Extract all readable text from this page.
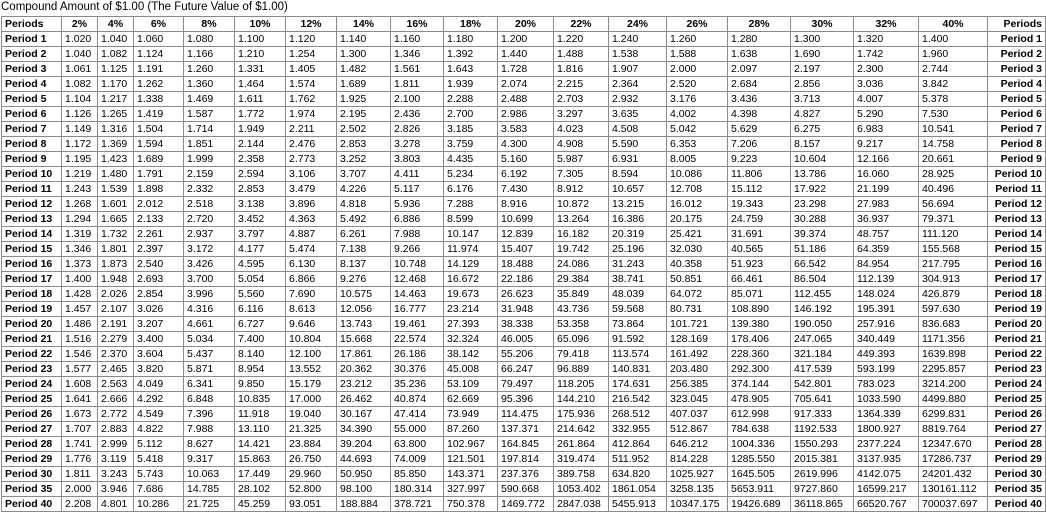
Compound Amount of $1.00 (The Future Value of $1.00)
Periods	2%	4%	6%	8%	10%	12%	14%	16%	18%	20%	22%	24%	26%	28%	30%	32%	40%	Periods
Period 1	1.020	1.040	1.060	1.080	1.100	1.120	1.140	1.160	1.180	1.200	1.220	1.240	1.260	1.280	1.300	1.320	1.400	Period 1
Period 2	1.040	1.082	1.124	1.166	1.210	1.254	1.300	1.346	1.392	1.440	1.488	1.538	1.588	1.638	1.690	1.742	1.960	Period 2
Period 3	1.061	1.125	1.191	1.260	1.331	1.405	1.482	1.561	1.643	1.728	1.816	1.907	2.000	2.097	2.197	2.300	2.744	Period 3
Period 4	1.082	1.170	1.262	1.360	1.464	1.574	1.689	1.811	1.939	2.074	2.215	2.364	2.520	2.684	2.856	3.036	3.842	Period 4
Period 5	1.104	1.217	1.338	1.469	1.611	1.762	1.925	2.100	2.288	2.488	2.703	2.932	3.176	3.436	3.713	4.007	5.378	Period 5
Period 6	1.126	1.265	1.419	1.587	1.772	1.974	2.195	2.436	2.700	2.986	3.297	3.635	4.002	4.398	4.827	5.290	7.530	Period 6
Period 7	1.149	1.316	1.504	1.714	1.949	2.211	2.502	2.826	3.185	3.583	4.023	4.508	5.042	5.629	6.275	6.983	10.541	Period 7
Period 8	1.172	1.369	1.594	1.851	2.144	2.476	2.853	3.278	3.759	4.300	4.908	5.590	6.353	7.206	8.157	9.217	14.758	Period 8
Period 9	1.195	1.423	1.689	1.999	2.358	2.773	3.252	3.803	4.435	5.160	5.987	6.931	8.005	9.223	10.604	12.166	20.661	Period 9
Period 10	1.219	1.480	1.791	2.159	2.594	3.106	3.707	4.411	5.234	6.192	7.305	8.594	10.086	11.806	13.786	16.060	28.925	Period 10
Period 11	1.243	1.539	1.898	2.332	2.853	3.479	4.226	5.117	6.176	7.430	8.912	10.657	12.708	15.112	17.922	21.199	40.496	Period 11
Period 12	1.268	1.601	2.012	2.518	3.138	3.896	4.818	5.936	7.288	8.916	10.872	13.215	16.012	19.343	23.298	27.983	56.694	Period 12
Period 13	1.294	1.665	2.133	2.720	3.452	4.363	5.492	6.886	8.599	10.699	13.264	16.386	20.175	24.759	30.288	36.937	79.371	Period 13
Period 14	1.319	1.732	2.261	2.937	3.797	4.887	6.261	7.988	10.147	12.839	16.182	20.319	25.421	31.691	39.374	48.757	111.120	Period 14
Period 15	1.346	1.801	2.397	3.172	4.177	5.474	7.138	9.266	11.974	15.407	19.742	25.196	32.030	40.565	51.186	64.359	155.568	Period 15
Period 16	1.373	1.873	2.540	3.426	4.595	6.130	8.137	10.748	14.129	18.488	24.086	31.243	40.358	51.923	66.542	84.954	217.795	Period 16
Period 17	1.400	1.948	2.693	3.700	5.054	6.866	9.276	12.468	16.672	22.186	29.384	38.741	50.851	66.461	86.504	112.139	304.913	Period 17
Period 18	1.428	2.026	2.854	3.996	5.560	7.690	10.575	14.463	19.673	26.623	35.849	48.039	64.072	85.071	112.455	148.024	426.879	Period 18
Period 19	1.457	2.107	3.026	4.316	6.116	8.613	12.056	16.777	23.214	31.948	43.736	59.568	80.731	108.890	146.192	195.391	597.630	Period 19
Period 20	1.486	2.191	3.207	4.661	6.727	9.646	13.743	19.461	27.393	38.338	53.358	73.864	101.721	139.380	190.050	257.916	836.683	Period 20
Period 21	1.516	2.279	3.400	5.034	7.400	10.804	15.668	22.574	32.324	46.005	65.096	91.592	128.169	178.406	247.065	340.449	1171.356	Period 21
Period 22	1.546	2.370	3.604	5.437	8.140	12.100	17.861	26.186	38.142	55.206	79.418	113.574	161.492	228.360	321.184	449.393	1639.898	Period 22
Period 23	1.577	2.465	3.820	5.871	8.954	13.552	20.362	30.376	45.008	66.247	96.889	140.831	203.480	292.300	417.539	593.199	2295.857	Period 23
Period 24	1.608	2.563	4.049	6.341	9.850	15.179	23.212	35.236	53.109	79.497	118.205	174.631	256.385	374.144	542.801	783.023	3214.200	Period 24
Period 25	1.641	2.666	4.292	6.848	10.835	17.000	26.462	40.874	62.669	95.396	144.210	216.542	323.045	478.905	705.641	1033.590	4499.880	Period 25
Period 26	1.673	2.772	4.549	7.396	11.918	19.040	30.167	47.414	73.949	114.475	175.936	268.512	407.037	612.998	917.333	1364.339	6299.831	Period 26
Period 27	1.707	2.883	4.822	7.988	13.110	21.325	34.390	55.000	87.260	137.371	214.642	332.955	512.867	784.638	1192.533	1800.927	8819.764	Period 27
Period 28	1.741	2.999	5.112	8.627	14.421	23.884	39.204	63.800	102.967	164.845	261.864	412.864	646.212	1004.336	1550.293	2377.224	12347.670	Period 28
Period 29	1.776	3.119	5.418	9.317	15.863	26.750	44.693	74.009	121.501	197.814	319.474	511.952	814.228	1285.550	2015.381	3137.935	17286.737	Period 29
Period 30	1.811	3.243	5.743	10.063	17.449	29.960	50.950	85.850	143.371	237.376	389.758	634.820	1025.927	1645.505	2619.996	4142.075	24201.432	Period 30
Period 35	2.000	3.946	7.686	14.785	28.102	52.800	98.100	180.314	327.997	590.668	1053.402	1861.054	3258.135	5653.911	9727.860	16599.217	130161.112	Period 35
Period 40	2.208	4.801	10.286	21.725	45.259	93.051	188.884	378.721	750.378	1469.772	2847.038	5455.913	10347.175	19426.689	36118.865	66520.767	700037.697	Period 40
